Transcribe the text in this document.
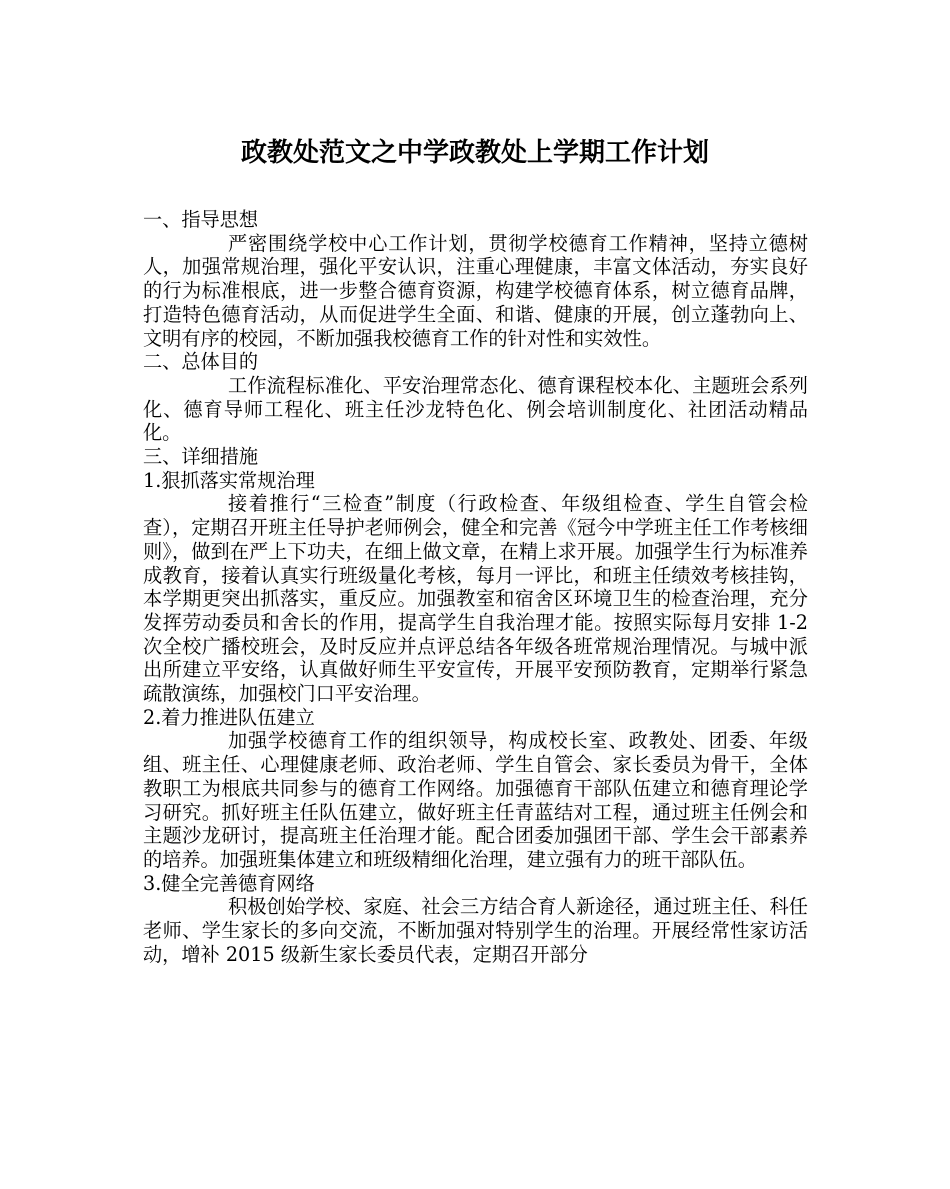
政教处范文之中学政教处上学期工作计划

一、指导思想

严密围绕学校中心工作计划，贯彻学校德育工作精神，坚持立德树人，加强常规治理，强化平安认识，注重心理健康，丰富文体活动，夯实良好的行为标准根底，进一步整合德育资源，构建学校德育体系，树立德育品牌，打造特色德育活动，从而促进学生全面、和谐、健康的开展，创立蓬勃向上、文明有序的校园，不断加强我校德育工作的针对性和实效性。

二、总体目的

工作流程标准化、平安治理常态化、德育课程校本化、主题班会系列化、德育导师工程化、班主任沙龙特色化、例会培训制度化、社团活动精品化。

三、详细措施

1.狠抓落实常规治理

接着推行“三检查”制度（行政检查、年级组检查、学生自管会检查），定期召开班主任导护老师例会，健全和完善《冠今中学班主任工作考核细则》，做到在严上下功夫，在细上做文章，在精上求开展。加强学生行为标准养成教育，接着认真实行班级量化考核，每月一评比，和班主任绩效考核挂钩，本学期更突出抓落实，重反应。加强教室和宿舍区环境卫生的检查治理，充分发挥劳动委员和舍长的作用，提高学生自我治理才能。按照实际每月安排 1-2 次全校广播校班会，及时反应并点评总结各年级各班常规治理情况。与城中派出所建立平安络，认真做好师生平安宣传，开展平安预防教育，定期举行紧急疏散演练，加强校门口平安治理。

2.着力推进队伍建立

加强学校德育工作的组织领导，构成校长室、政教处、团委、年级组、班主任、心理健康老师、政治老师、学生自管会、家长委员为骨干，全体教职工为根底共同参与的德育工作网络。加强德育干部队伍建立和德育理论学习研究。抓好班主任队伍建立，做好班主任青蓝结对工程，通过班主任例会和主题沙龙研讨，提高班主任治理才能。配合团委加强团干部、学生会干部素养的培养。加强班集体建立和班级精细化治理，建立强有力的班干部队伍。

3.健全完善德育网络

积极创始学校、家庭、社会三方结合育人新途径，通过班主任、科任老师、学生家长的多向交流，不断加强对特别学生的治理。开展经常性家访活动，增补 2015 级新生家长委员代表，定期召开部分
